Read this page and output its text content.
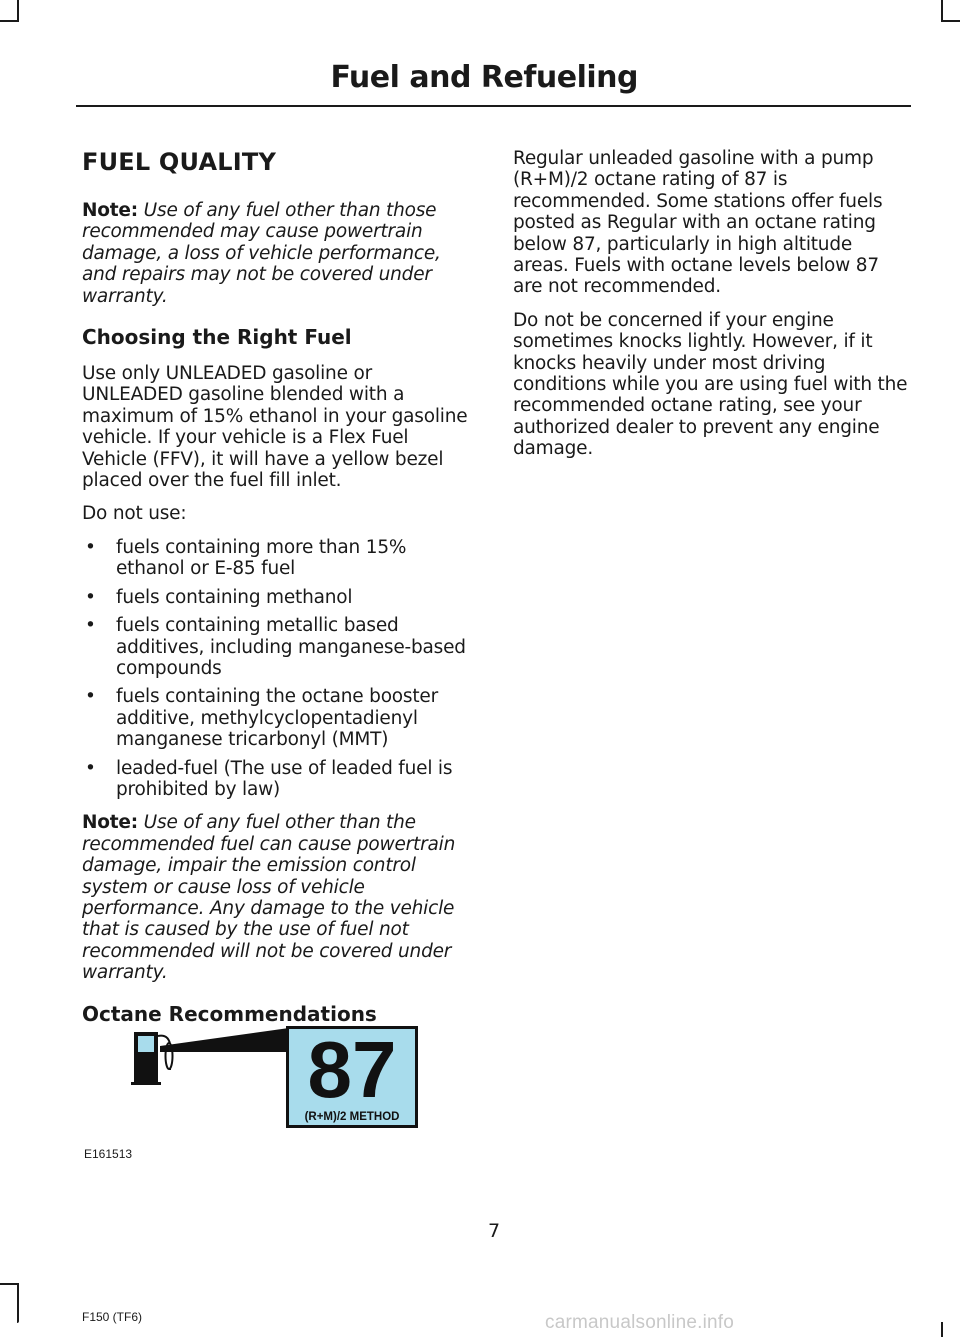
Fuel and Refueling
FUEL QUALITY

Note: Use of any fuel other than those recommended may cause powertrain damage, a loss of vehicle performance, and repairs may not be covered under warranty.

Choosing the Right Fuel

Use only UNLEADED gasoline or UNLEADED gasoline blended with a maximum of 15% ethanol in your gasoline vehicle. If your vehicle is a Flex Fuel Vehicle (FFV), it will have a yellow bezel placed over the fuel fill inlet.

Do not use:

• fuels containing more than 15% ethanol or E-85 fuel
• fuels containing methanol
• fuels containing metallic based additives, including manganese-based compounds
• fuels containing the octane booster additive, methylcyclopentadienyl manganese tricarbonyl (MMT)
• leaded-fuel (The use of leaded fuel is prohibited by law)

Note: Use of any fuel other than the recommended fuel can cause powertrain damage, impair the emission control system or cause loss of vehicle performance. Any damage to the vehicle that is caused by the use of fuel not recommended will not be covered under warranty.

Octane Recommendations
87
(R+M)/2 METHOD
E161513

Regular unleaded gasoline with a pump (R+M)/2 octane rating of 87 is recommended. Some stations offer fuels posted as Regular with an octane rating below 87, particularly in high altitude areas. Fuels with octane levels below 87 are not recommended.

Do not be concerned if your engine sometimes knocks lightly. However, if it knocks heavily under most driving conditions while you are using fuel with the recommended octane rating, see your authorized dealer to prevent any engine damage.

7
F150 (TF6)	carmanualsonline.info
